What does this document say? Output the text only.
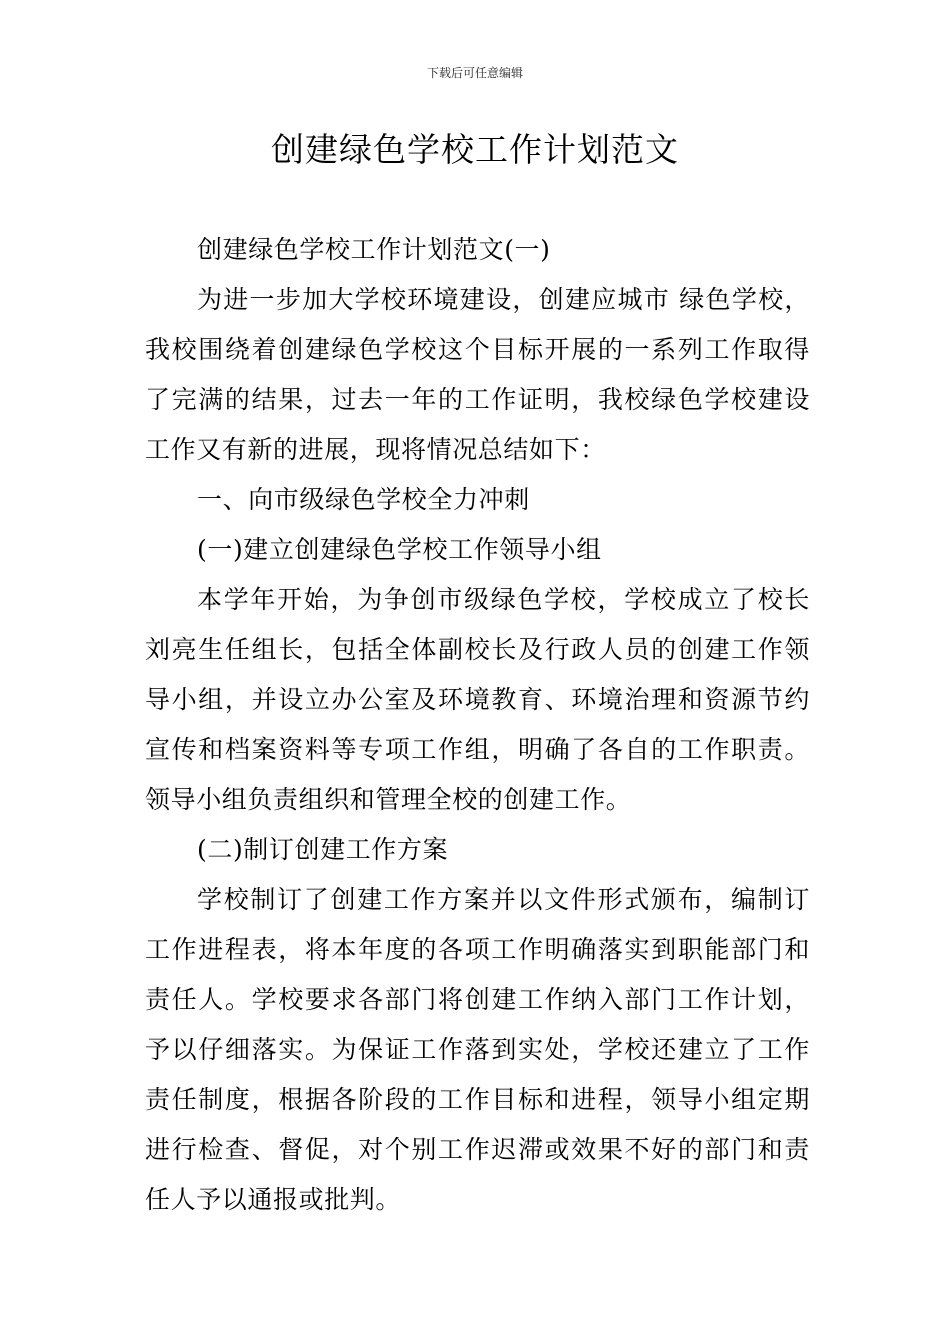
下载后可任意编辑
创建绿色学校工作计划范文

创建绿色学校工作计划范文(一)

为进一步加大学校环境建设，创建应城市 绿色学校，我校围绕着创建绿色学校这个目标开展的一系列工作取得了完满的结果，过去一年的工作证明，我校绿色学校建设工作又有新的进展，现将情况总结如下：

一、向市级绿色学校全力冲刺

(一)建立创建绿色学校工作领导小组

本学年开始，为争创市级绿色学校，学校成立了校长刘亮生任组长，包括全体副校长及行政人员的创建工作领导小组，并设立办公室及环境教育、环境治理和资源节约宣传和档案资料等专项工作组，明确了各自的工作职责。领导小组负责组织和管理全校的创建工作。

(二)制订创建工作方案

学校制订了创建工作方案并以文件形式颁布，编制订工作进程表，将本年度的各项工作明确落实到职能部门和责任人。学校要求各部门将创建工作纳入部门工作计划，予以仔细落实。为保证工作落到实处，学校还建立了工作责任制度，根据各阶段的工作目标和进程，领导小组定期进行检查、督促，对个别工作迟滞或效果不好的部门和责任人予以通报或批判。
